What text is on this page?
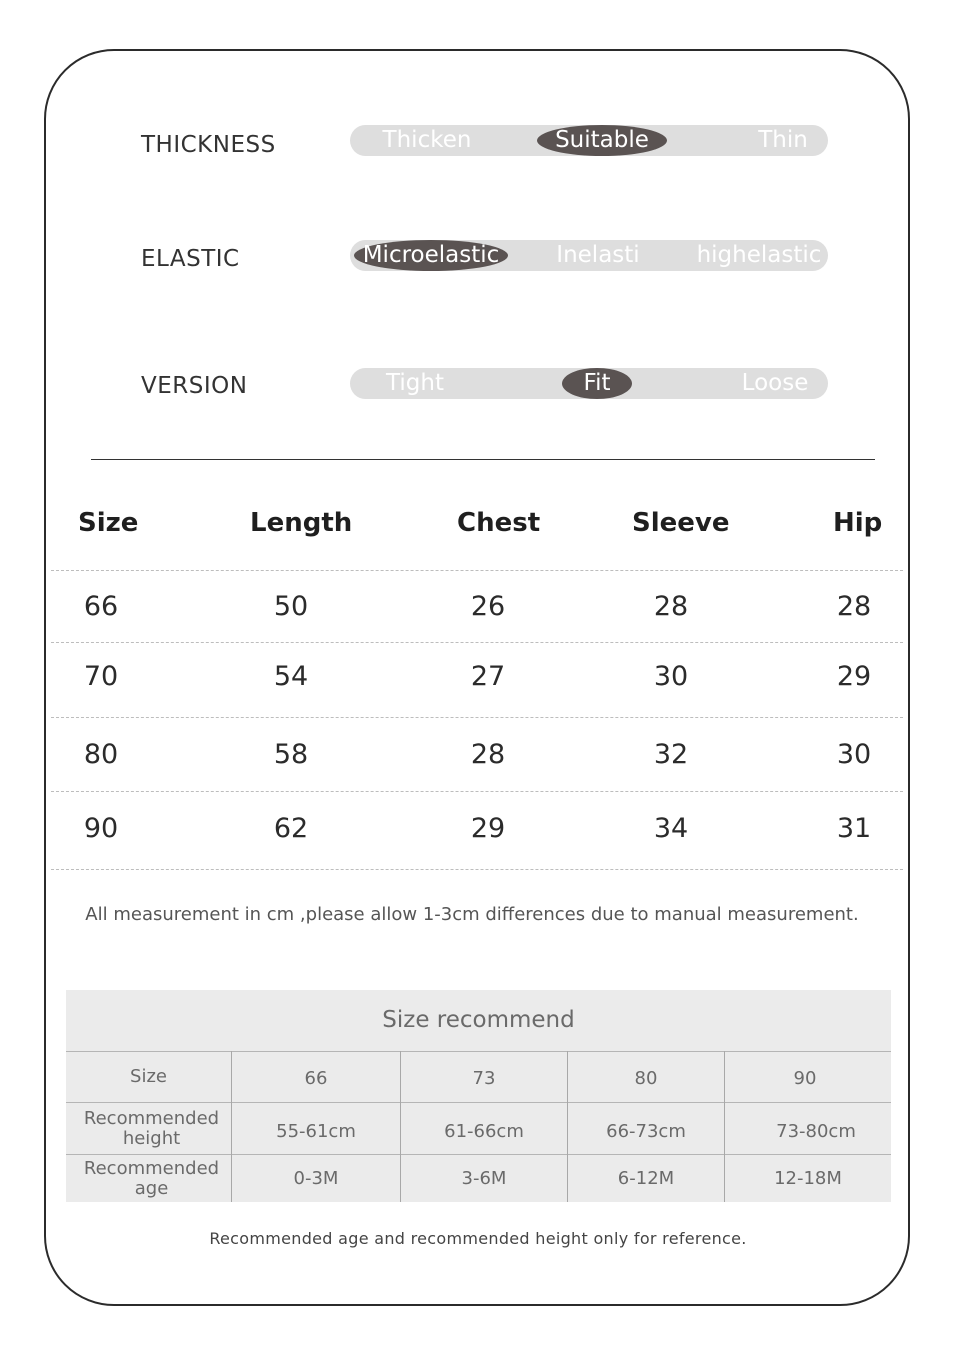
THICKNESS	Thicken	Suitable	Thin
ELASTIC	Microelastic	Inelasti highelastic
VERSION	Tight	Fit	Loose
Size	Length	Chest	Sleeve	Hip
66	50	26	28	28
70	54	27	30	29
80	58	28	32	30
90	62	29	34	31
All measurement in cm ,please allow 1-3cm differences due to manual measurement.
Size recommend
Size	66	73	80	90
Recommended height	55-61cm	61-66cm	66-73cm	73-80cm
Recommended age	0-3M	3-6M	6-12M	12-18M
Recommended age and recommended height only for reference.
